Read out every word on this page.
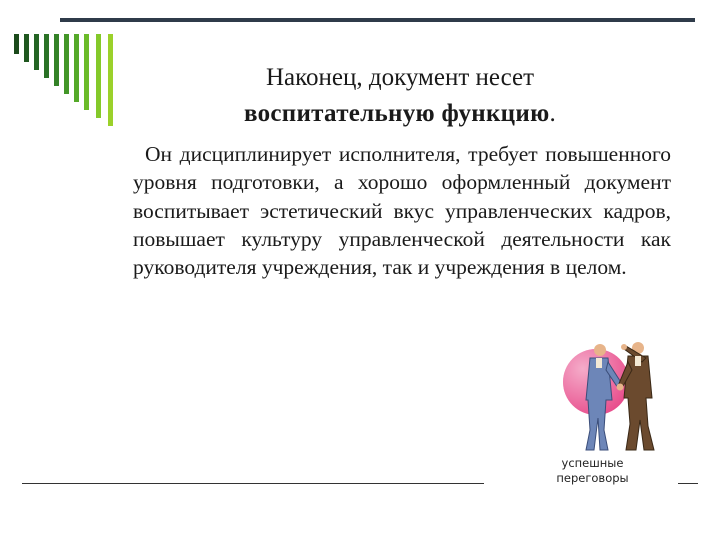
Наконец, документ несет
воспитательную функцию.
Он дисциплинирует исполнителя, требует повышенного уровня подготовки, а хорошо оформленный документ воспитывает эстетический вкус управленческих кадров, повышает культуру управленческой деятельности как руководителя учреждения, так и учреждения в целом.
успешные
переговоры
